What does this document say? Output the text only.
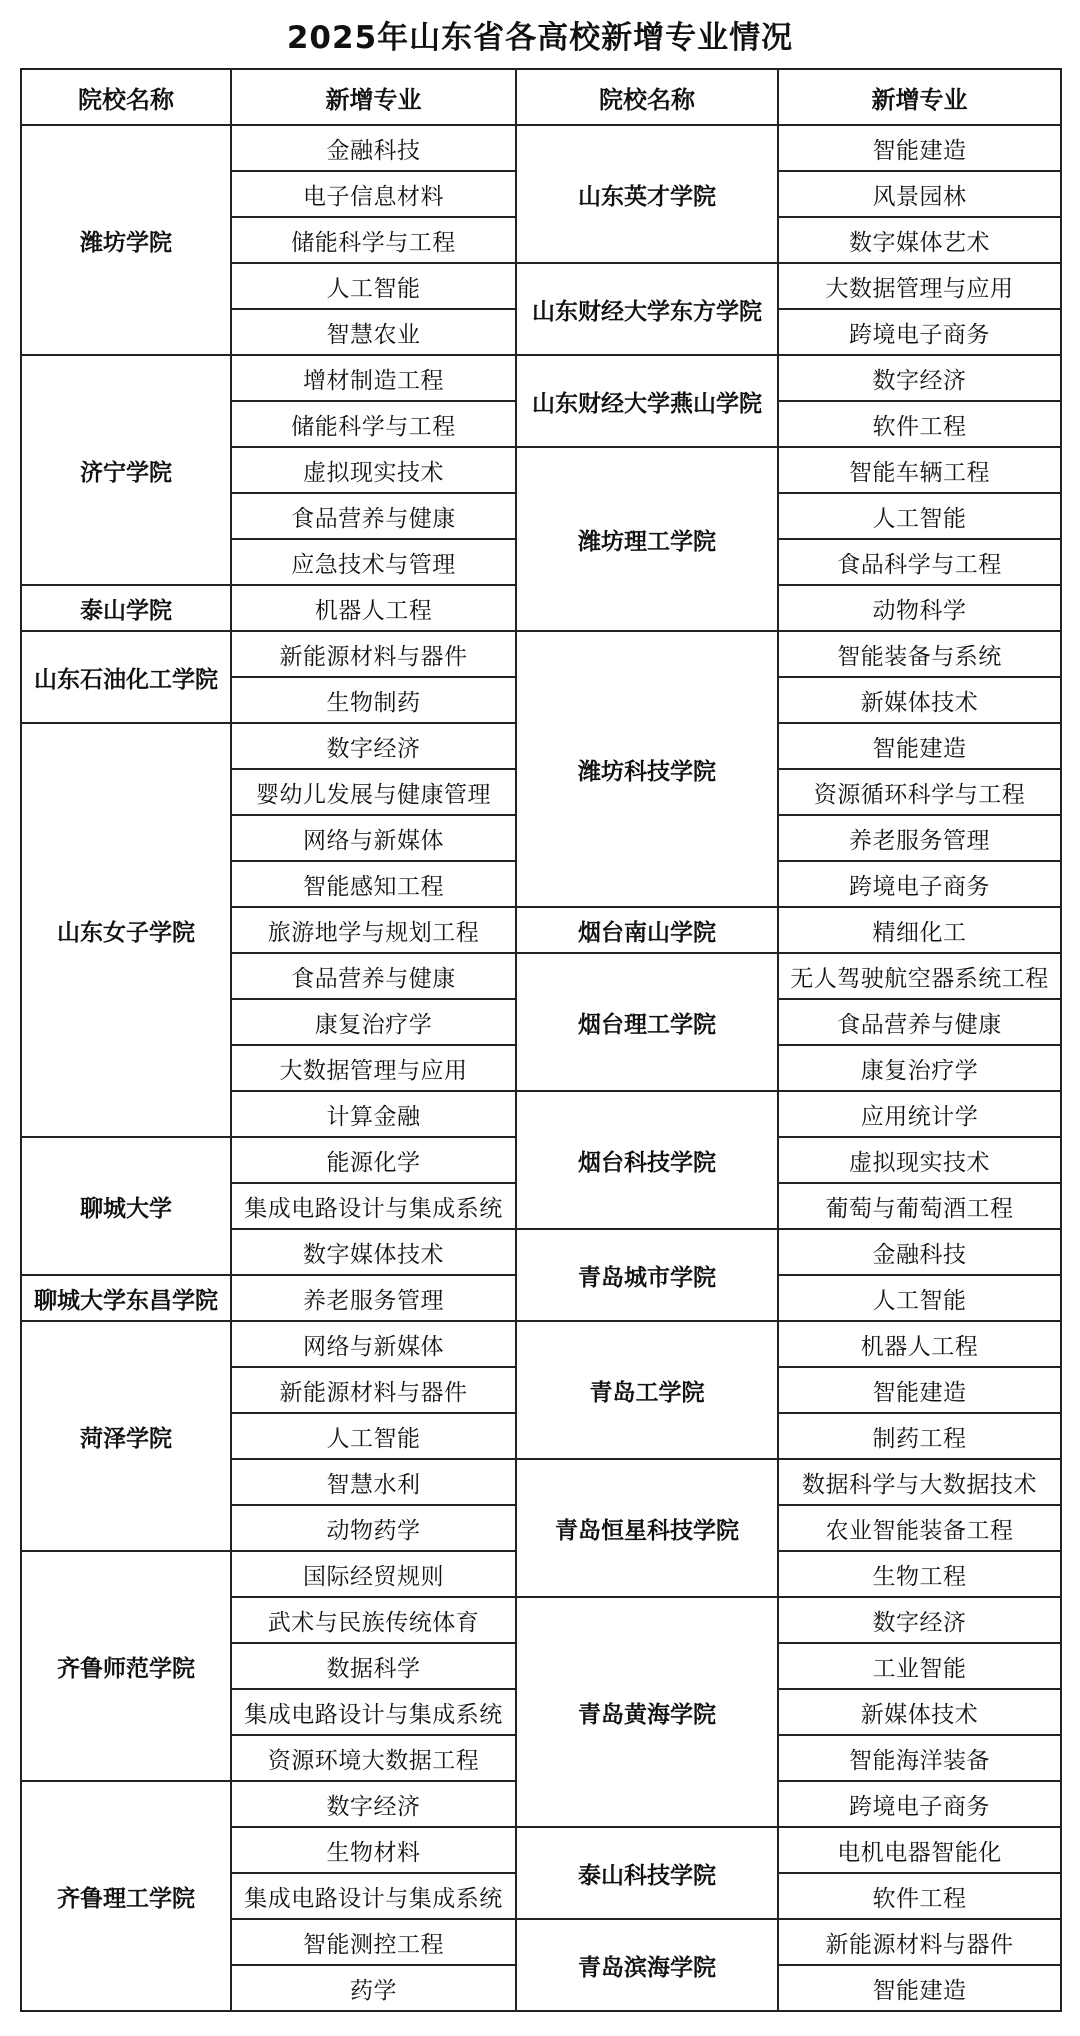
2025年山东省各高校新增专业情况
院校名称	新增专业	院校名称	新增专业
潍坊学院	金融科技	山东英才学院	智能建造
	电子信息材料		风景园林
	储能科学与工程		数字媒体艺术
	人工智能	山东财经大学东方学院	大数据管理与应用
	智慧农业		跨境电子商务
济宁学院	增材制造工程	山东财经大学燕山学院	数字经济
	储能科学与工程		软件工程
	虚拟现实技术	潍坊理工学院	智能车辆工程
	食品营养与健康		人工智能
	应急技术与管理		食品科学与工程
泰山学院	机器人工程		动物科学
山东石油化工学院	新能源材料与器件	潍坊科技学院	智能装备与系统
	生物制药		新媒体技术
山东女子学院	数字经济		智能建造
	婴幼儿发展与健康管理		资源循环科学与工程
	网络与新媒体		养老服务管理
	智能感知工程		跨境电子商务
	旅游地学与规划工程	烟台南山学院	精细化工
	食品营养与健康	烟台理工学院	无人驾驶航空器系统工程
	康复治疗学		食品营养与健康
	大数据管理与应用		康复治疗学
	计算金融	烟台科技学院	应用统计学
聊城大学	能源化学		虚拟现实技术
	集成电路设计与集成系统		葡萄与葡萄酒工程
	数字媒体技术	青岛城市学院	金融科技
聊城大学东昌学院	养老服务管理		人工智能
菏泽学院	网络与新媒体	青岛工学院	机器人工程
	新能源材料与器件		智能建造
	人工智能		制药工程
	智慧水利	青岛恒星科技学院	数据科学与大数据技术
	动物药学		农业智能装备工程
齐鲁师范学院	国际经贸规则		生物工程
	武术与民族传统体育	青岛黄海学院	数字经济
	数据科学		工业智能
	集成电路设计与集成系统		新媒体技术
	资源环境大数据工程		智能海洋装备
齐鲁理工学院	数字经济		跨境电子商务
	生物材料	泰山科技学院	电机电器智能化
	集成电路设计与集成系统		软件工程
	智能测控工程	青岛滨海学院	新能源材料与器件
	药学		智能建造
